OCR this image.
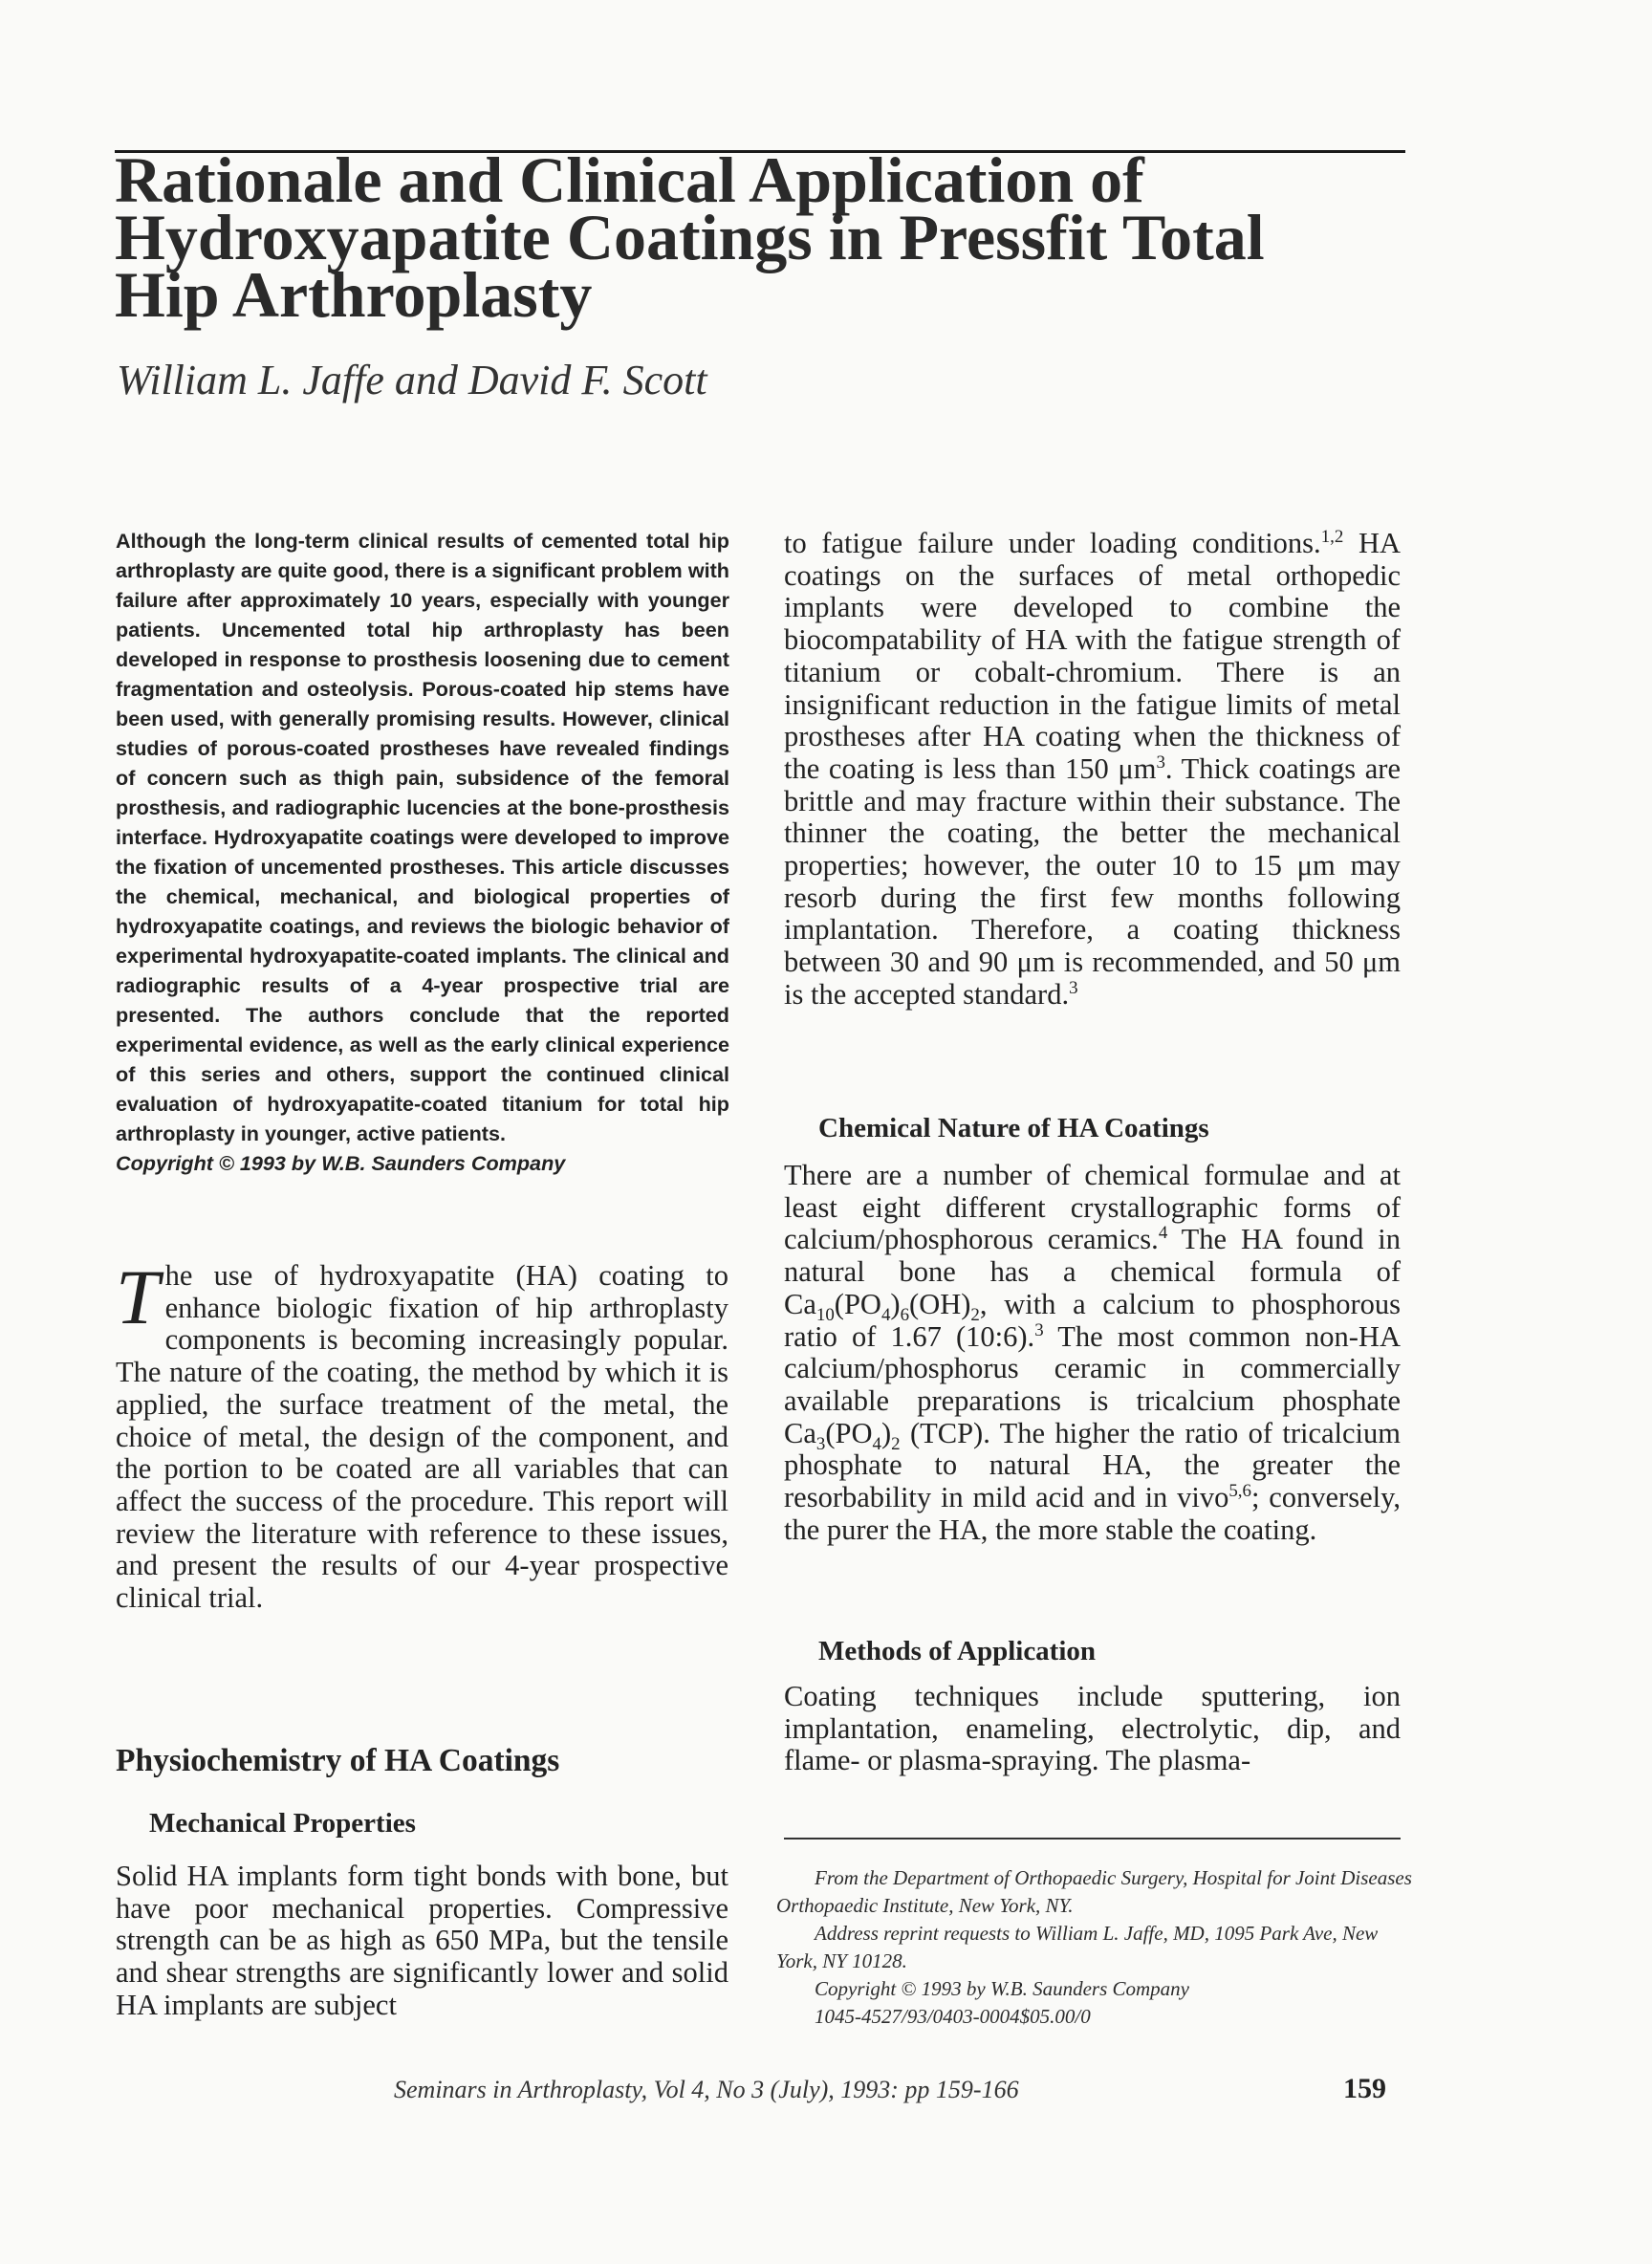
Rationale and Clinical Application of
Hydroxyapatite Coatings in Pressfit Total
Hip Arthroplasty
William L. Jaffe and David F. Scott

Although the long-term clinical results of cemented total hip arthroplasty are quite good, there is a significant problem with failure after approximately 10 years, especially with younger patients. Uncemented total hip arthroplasty has been developed in response to prosthesis loosening due to cement fragmentation and osteolysis. Porous-coated hip stems have been used, with generally promising results. However, clinical studies of porous-coated prostheses have revealed findings of concern such as thigh pain, subsidence of the femoral prosthesis, and radiographic lucencies at the bone-prosthesis interface. Hydroxyapatite coatings were developed to improve the fixation of uncemented prostheses. This article discusses the chemical, mechanical, and biological properties of hydroxyapatite coatings, and reviews the biologic behavior of experimental hydroxyapatite-coated implants. The clinical and radiographic results of a 4-year prospective trial are presented. The authors conclude that the reported experimental evidence, as well as the early clinical experience of this series and others, support the continued clinical evaluation of hydroxyapatite-coated titanium for total hip arthroplasty in younger, active patients.
Copyright © 1993 by W.B. Saunders Company

T he use of hydroxyapatite (HA) coating to enhance biologic fixation of hip arthroplasty components is becoming increasingly popular. The nature of the coating, the method by which it is applied, the surface treatment of the metal, the choice of metal, the design of the component, and the portion to be coated are all variables that can affect the success of the procedure. This report will review the literature with reference to these issues, and present the results of our 4-year prospective clinical trial.

Physiochemistry of HA Coatings
Mechanical Properties

Solid HA implants form tight bonds with bone, but have poor mechanical properties. Compressive strength can be as high as 650 MPa, but the tensile and shear strengths are significantly lower and solid HA implants are subject

to fatigue failure under loading conditions.$^{1,2}$ HA coatings on the surfaces of metal orthopedic implants were developed to combine the biocompatability of HA with the fatigue strength of titanium or cobalt-chromium. There is an insignificant reduction in the fatigue limits of metal prostheses after HA coating when the thickness of the coating is less than 150 $\mu m^3$. Thick coatings are brittle and may fracture within their substance. The thinner the coating, the better the mechanical properties; however, the outer 10 to 15 μm may resorb during the first few months following implantation. Therefore, a coating thickness between 30 and 90 μm is recommended, and 50 μm is the accepted standard.$^3$

Chemical Nature of HA Coatings

There are a number of chemical formulae and at least eight different crystallographic forms of calcium/phosphorous ceramics.$^4$ The HA found in natural bone has a chemical formula of $Ca_{10}(PO_4)_6(OH)_2$, with a calcium to phosphorous ratio of 1.67 (10:6).$^3$ The most common non-HA calcium/phosphorus ceramic in commercially available preparations is tricalcium phosphate $Ca_3(PO_4)_2$ (TCP). The higher the ratio of tricalcium phosphate to natural HA, the greater the resorbability in mild acid and in vivo$^{5,6}$; conversely, the purer the HA, the more stable the coating.

Methods of Application

Coating techniques include sputtering, ion implantation, enameling, electrolytic, dip, and flame- or plasma-spraying. The plasma-

From the Department of Orthopaedic Surgery, Hospital for Joint Diseases Orthopaedic Institute, New York, NY.

Address reprint requests to William L. Jaffe, MD, 1095 Park Ave, New York, NY 10128.

Copyright © 1993 by W.B. Saunders Company

1045-4527/93/0403-0004$05.00/0

Seminars in Arthroplasty, Vol 4, No 3 (July), 1993: pp 159-166	159
